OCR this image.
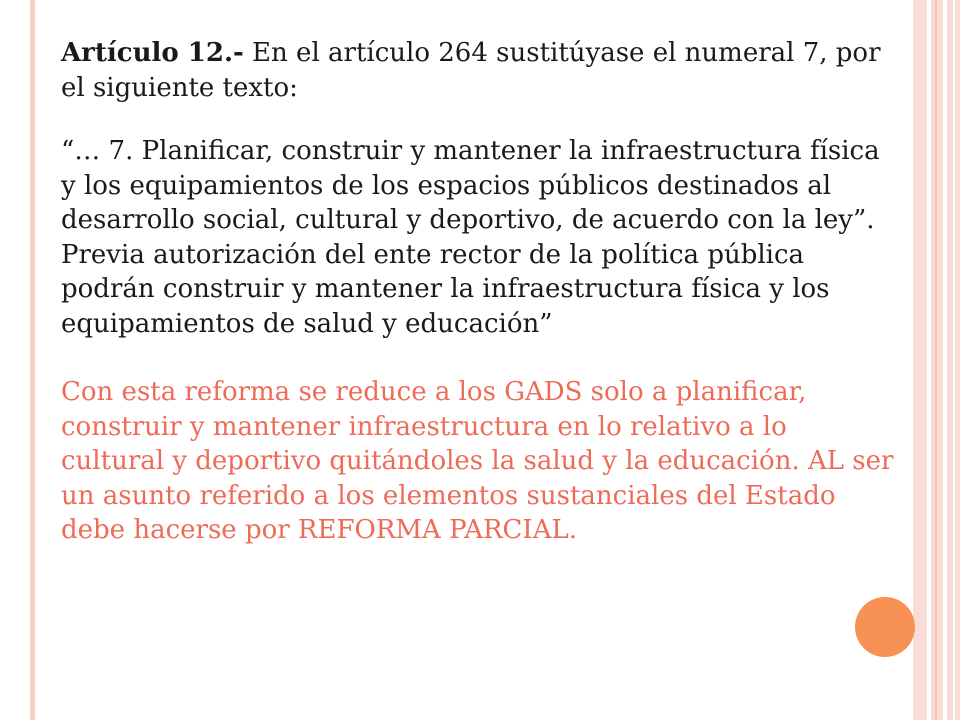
Artículo 12.- En el artículo 264 sustitúyase el numeral 7, por el siguiente texto:

“… 7. Planificar, construir y mantener la infraestructura física y los equipamientos de los espacios públicos destinados al desarrollo social, cultural y deportivo, de acuerdo con la ley”. Previa autorización del ente rector de la política pública podrán construir y mantener la infraestructura física y los equipamientos de salud y educación”

Con esta reforma se reduce a los GADS solo a planificar, construir y mantener infraestructura en lo relativo a lo cultural y deportivo quitándoles la salud y la educación. AL ser un asunto referido a los elementos sustanciales del Estado debe hacerse por REFORMA PARCIAL.
